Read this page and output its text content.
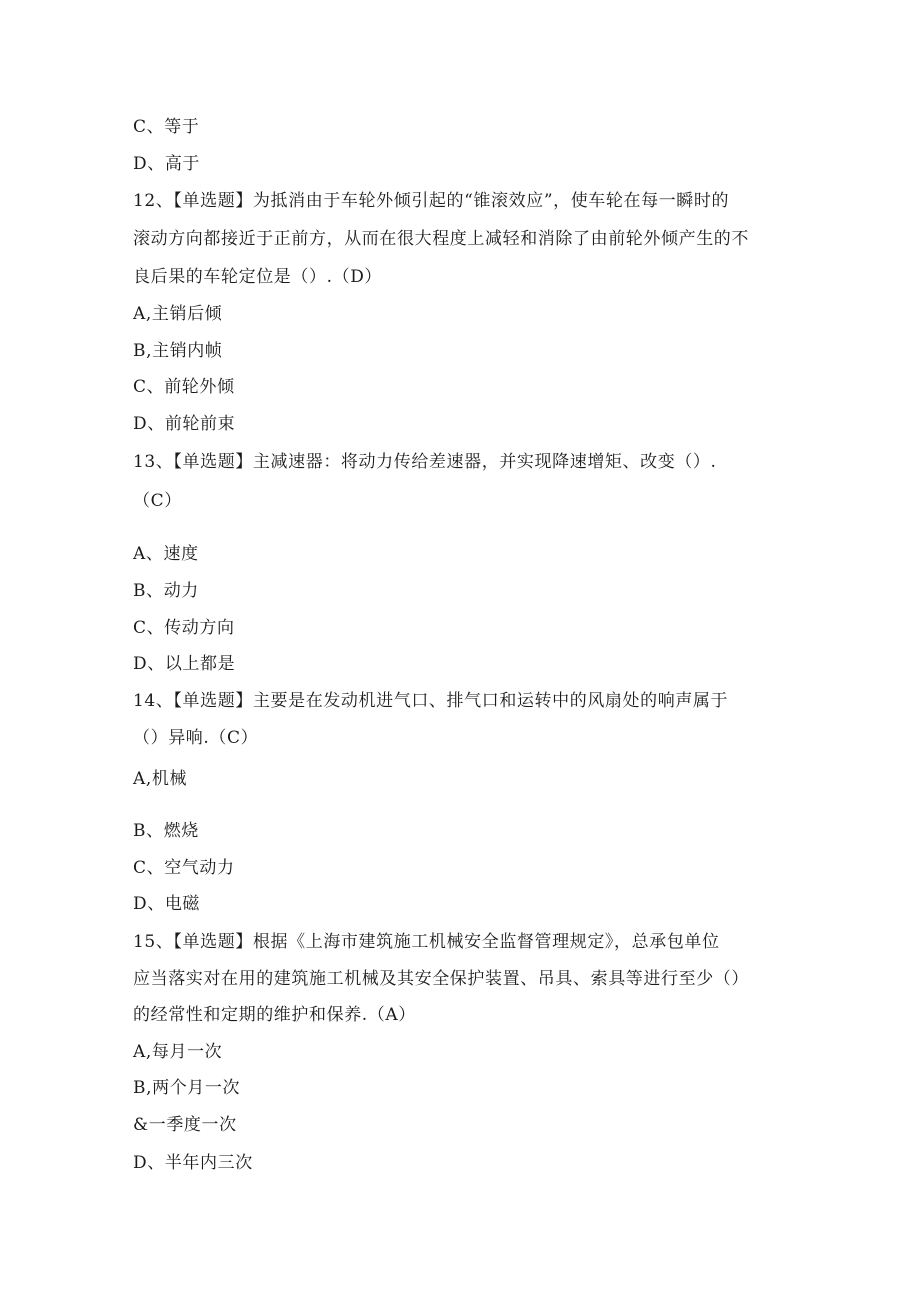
C、等于
D、高于
12、【单选题】为抵消由于车轮外倾引起的“锥滚效应”，使车轮在每一瞬时的
滚动方向都接近于正前方，从而在很大程度上减轻和消除了由前轮外倾产生的不
良后果的车轮定位是（）.（D）
A,主销后倾
B,主销内帧
C、前轮外倾
D、前轮前束
13、【单选题】主减速器：将动力传给差速器，并实现降速增矩、改变（）.
（C）
A、速度
B、动力
C、传动方向
D、以上都是
14、【单选题】主要是在发动机进气口、排气口和运转中的风扇处的响声属于
（）异响.（C）
A,机械
B、燃烧
C、空气动力
D、电磁
15、【单选题】根据《上海市建筑施工机械安全监督管理规定》，总承包单位
应当落实对在用的建筑施工机械及其安全保护装置、吊具、索具等进行至少（）
的经常性和定期的维护和保养.（A）
A,每月一次
B,两个月一次
&一季度一次
D、半年内三次
